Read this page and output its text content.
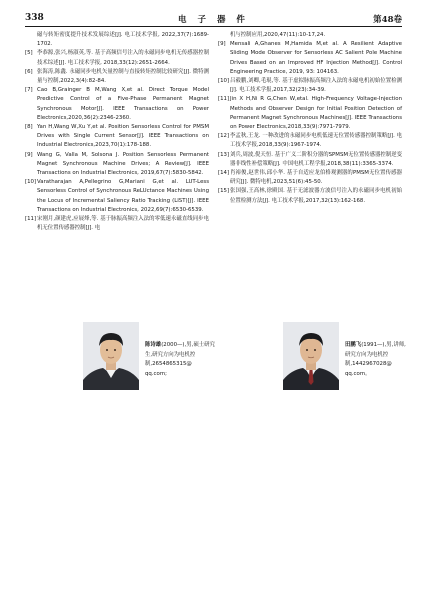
338	电 子 器 件	第48卷
磁与转矩密度提升技术发展综述[J]. 电工技术学报, 2022,37(7):1689-1702.
[5] 李恭源,张兴,杨淑英,等. 基于高频信号注入的永磁同步电机无传感器控制技术综述[J]. 电工技术学报, 2018,33(12):2651-2664.
[6] 张海涛,陈鑫. 永磁同步电机矢量控制与直接转矩控制比较研究[J]. 微特测量与控制,2022,3(4):82-84.
[7] Cao B,Grainger B M,Wang X,et al. Direct Torque Model Predictive Control of a Five-Phase Permanent Magnet Synchronous Motor[J]. IEEE Transactions on Power Electronics,2020,36(2):2346-2360.
[8] Yan H,Wang W,Xu Y,et al. Position Sensorless Control for PMSM Drives with Single Current Sensor[J]. IEEE Transactions on Industrial Electronics,2023,70(1):178-188.
[9] Wang G, Valla M, Solsona J. Position Sensorless Permanent Magnet Synchronous Machine Drives; A Review[J]. IEEE Transactions on Industrial Electronics, 2019,67(7):5830-5842.
[10] Varatharajan A,Pellegrino G,Mariani G,et al. LUT-Less Sensorless Control of Synchronous ReLUctance Machines Using the Locus of Incremental Saliency Ratio Tracking (LIST)[J]. IEEE Transactions on Industrial Electronics, 2022,69(7):6530-6539.
[11] 宋刚月,颜建虎,应展烽,等. 基于脉振高频注入法的零低速永磁直线同步电机无位置传感器控制[J]. 电
机与控制应用,2020,47(11):10-17,24.
[9] Mensali A,Ghanes M,Hamida M,et al. A Resilient Adaptive Sliding Mode Observer for Sensorless AC Salient Pole Machine Drives Based on an Improved HF Injection Method[J]. Control Engineering Practice, 2019, 93: 104163.
[10] 吕毅鹏,刘卿,毛琨,等. 基于虚拟脉振高频注入法的永磁电机初始位置检测[J]. 电工技术学报,2017,32(23):34-39.
[11] Jin X H,Ni R G,Chen W,etal. High-Frequency Voltage-Injection Methods and Observer Design for Initial Position Detection of Permanent Magnet Synchronous Machines[J]. IEEE Transactions on Power Electronics,2018,33(9):7971-7979.
[12] 李孟秋,王龙. 一种改进的永磁同步电机低速无位置传感器控制策略[J]. 电工技术学报,2018,33(9):1967-1974.
[13] 刘兵,周波,倪天恒. 基于广义二阶积分器的SPMSM无位置传感器控制逆变器非线性补偿策略[J]. 中国电机工程学报,2018,38(11):3365-3374.
[14] 肖裕俊,赵世伟,邱小华. 基于自适应龙伯格观测器的PMSM无位置传感器研究[J]. 微特电机,2023,51(6):45-50.
[15] 张国强,王高林,徐殿国. 基于无滤波器方波信号注入的永磁同步电机初始位置检测方法[J]. 电工技术学报,2017,32(13):162-168.
陈诗雄(2000—),男,硕士研究生,研究方向为电机控制,2654865315@ qq.com;
田鹏飞(1991—),男,讲师,研究方向为电机控制,1442967028@ qq.com。
